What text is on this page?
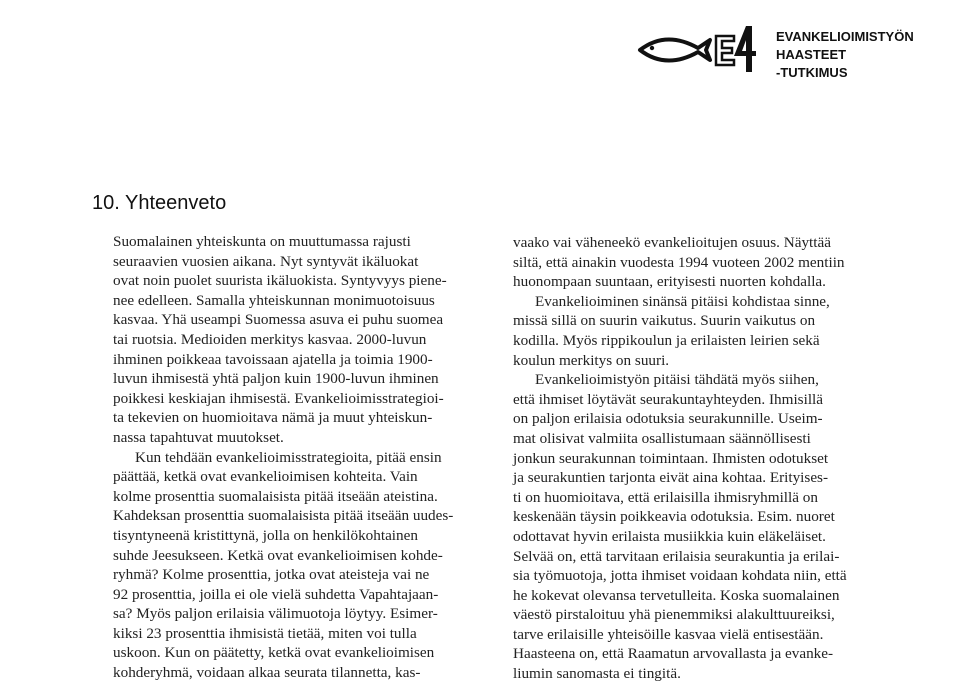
EVANKELIOIMISTYÖN
HAASTEET
-TUTKIMUS
10. Yhteenveto
Suomalainen yhteiskunta on muuttumassa rajusti
seuraavien vuosien aikana. Nyt syntyvät ikäluokat
ovat noin puolet suurista ikäluokista. Syntyvyys piene-
nee edelleen. Samalla yhteiskunnan monimuotoisuus
kasvaa. Yhä useampi Suomessa asuva ei puhu suomea
tai ruotsia. Medioiden merkitys kasvaa. 2000-luvun
ihminen poikkeaa tavoissaan ajatella ja toimia 1900-
luvun ihmisestä yhtä paljon kuin 1900-luvun ihminen
poikkesi keskiajan ihmisestä. Evankelioimisstrategioi-
ta tekevien on huomioitava nämä ja muut yhteiskun-
nassa tapahtuvat muutokset.
Kun tehdään evankelioimisstrategioita, pitää ensin
päättää, ketkä ovat evankelioimisen kohteita. Vain
kolme prosenttia suomalaisista pitää itseään ateistina.
Kahdeksan prosenttia suomalaisista pitää itseään uudes-
tisyntyneenä kristittynä, jolla on henkilökohtainen
suhde Jeesukseen. Ketkä ovat evankelioimisen kohde-
ryhmä? Kolme prosenttia, jotka ovat ateisteja vai ne
92 prosenttia, joilla ei ole vielä suhdetta Vapahtajaan-
sa? Myös paljon erilaisia välimuotoja löytyy. Esimer-
kiksi 23 prosenttia ihmisistä tietää, miten voi tulla
uskoon. Kun on päätetty, ketkä ovat evankelioimisen
kohderyhmä, voidaan alkaa seurata tilannetta, kas-
vaako vai väheneekö evankelioitujen osuus. Näyttää
siltä, että ainakin vuodesta 1994 vuoteen 2002 mentiin
huonompaan suuntaan, erityisesti nuorten kohdalla.
Evankelioiminen sinänsä pitäisi kohdistaa sinne,
missä sillä on suurin vaikutus. Suurin vaikutus on
kodilla. Myös rippikoulun ja erilaisten leirien sekä
koulun merkitys on suuri.
Evankelioimistyön pitäisi tähdätä myös siihen,
että ihmiset löytävät seurakuntayhteyden. Ihmisillä
on paljon erilaisia odotuksia seurakunnille. Useim-
mat olisivat valmiita osallistumaan säännöllisesti
jonkun seurakunnan toimintaan. Ihmisten odotukset
ja seurakuntien tarjonta eivät aina kohtaa. Erityises-
ti on huomioitava, että erilaisilla ihmisryhmillä on
keskenään täysin poikkeavia odotuksia. Esim. nuoret
odottavat hyvin erilaista musiikkia kuin eläkeläiset.
Selvää on, että tarvitaan erilaisia seurakuntia ja erilai-
sia työmuotoja, jotta ihmiset voidaan kohdata niin, että
he kokevat olevansa tervetulleita. Koska suomalainen
väestö pirstaloituu yhä pienemmiksi alakulttuureiksi,
tarve erilaisille yhteisöille kasvaa vielä entisestään.
Haasteena on, että Raamatun arvovallasta ja evanke-
liumin sanomasta ei tingitä.
